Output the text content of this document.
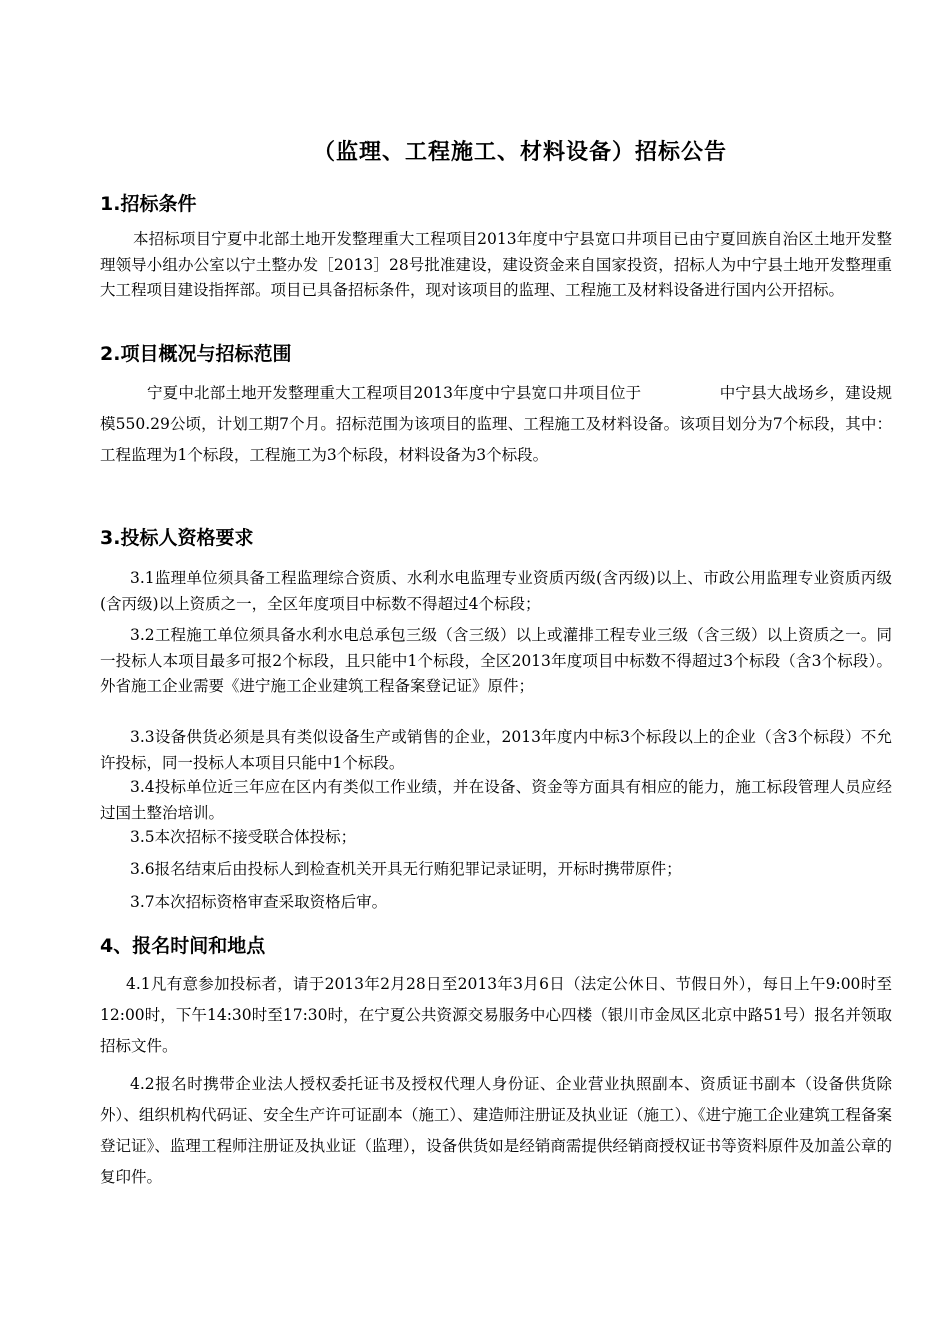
（监理、工程施工、材料设备）招标公告
1.招标条件
本招标项目宁夏中北部土地开发整理重大工程项目2013年度中宁县宽口井项目已由宁夏回族自治区土地开发整理领导小组办公室以宁土整办发［2013］28号批准建设，建设资金来自国家投资，招标人为中宁县土地开发整理重大工程项目建设指挥部。项目已具备招标条件，现对该项目的监理、工程施工及材料设备进行国内公开招标。
2.项目概况与招标范围
宁夏中北部土地开发整理重大工程项目2013年度中宁县宽口井项目位于　　　　　中宁县大战场乡，建设规模550.29公顷，计划工期7个月。招标范围为该项目的监理、工程施工及材料设备。该项目划分为7个标段，其中：工程监理为1个标段，工程施工为3个标段，材料设备为3个标段。
3.投标人资格要求
3.1监理单位须具备工程监理综合资质、水利水电监理专业资质丙级(含丙级)以上、市政公用监理专业资质丙级(含丙级)以上资质之一，全区年度项目中标数不得超过4个标段；
3.2工程施工单位须具备水利水电总承包三级（含三级）以上或灌排工程专业三级（含三级）以上资质之一。同一投标人本项目最多可报2个标段，且只能中1个标段，全区2013年度项目中标数不得超过3个标段（含3个标段）。外省施工企业需要《进宁施工企业建筑工程备案登记证》原件；
3.3设备供货必须是具有类似设备生产或销售的企业，2013年度内中标3个标段以上的企业（含3个标段）不允许投标，同一投标人本项目只能中1个标段。
3.4投标单位近三年应在区内有类似工作业绩，并在设备、资金等方面具有相应的能力，施工标段管理人员应经过国土整治培训。
3.5本次招标不接受联合体投标；
3.6报名结束后由投标人到检查机关开具无行贿犯罪记录证明，开标时携带原件；
3.7本次招标资格审查采取资格后审。
4、报名时间和地点
4.1凡有意参加投标者，请于2013年2月28日至2013年3月6日（法定公休日、节假日外），每日上午9:00时至12:00时，下午14:30时至17:30时，在宁夏公共资源交易服务中心四楼（银川市金凤区北京中路51号）报名并领取招标文件。
4.2报名时携带企业法人授权委托证书及授权代理人身份证、企业营业执照副本、资质证书副本（设备供货除外）、组织机构代码证、安全生产许可证副本（施工）、建造师注册证及执业证（施工）、《进宁施工企业建筑工程备案登记证》、监理工程师注册证及执业证（监理），设备供货如是经销商需提供经销商授权证书等资料原件及加盖公章的复印件。
